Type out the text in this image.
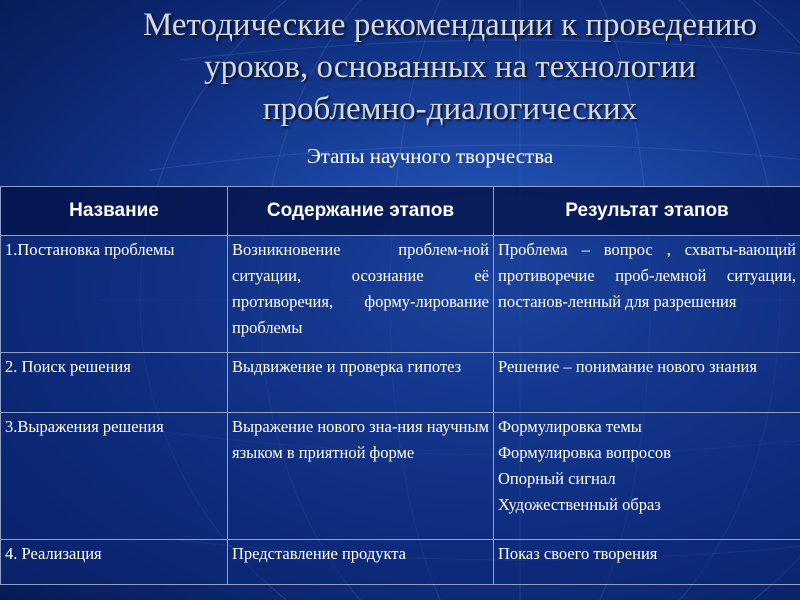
Методические рекомендации к проведению
уроков, основанных на технологии
проблемно-диалогических
Этапы научного творчества
Название	Содержание этапов	Результат этапов
1.Постановка проблемы	Возникновение проблем-ной ситуации, осознание её противоречия, форму-лирование проблемы	Проблема – вопрос , схваты-вающий противоречие проб-лемной ситуации, постанов-ленный для разрешения

2. Поиск решения	Выдвижение и проверка гипотез	Решение – понимание нового знания

3.Выражения решения	Выражение нового зна-ния научным языком в приятной форме	Формулировка темы
Формулировка вопросов
Опорный сигнал
Художественный образ

4. Реализация	Представление продукта	Показ своего творения
